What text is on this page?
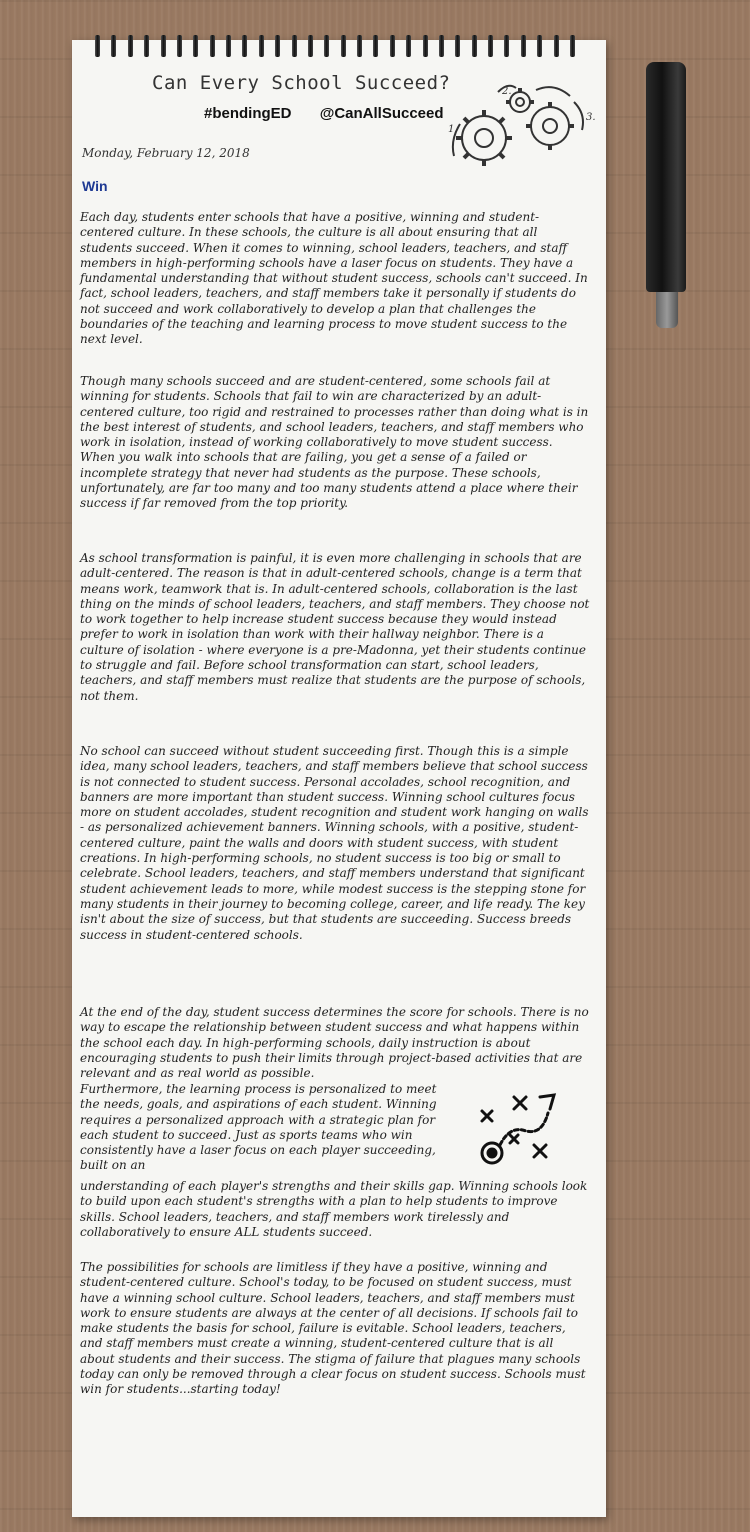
Can Every School Succeed?
#bendingED @CanAllSucceed
1.
2.
3.
Monday, February 12, 2018
Win
Each day, students enter schools that have a positive, winning and student-centered culture. In these schools, the culture is all about ensuring that all students succeed. When it comes to winning, school leaders, teachers, and staff members in high-performing schools have a laser focus on students. They have a fundamental understanding that without student success, schools can't succeed. In fact, school leaders, teachers, and staff members take it personally if students do not succeed and work collaboratively to develop a plan that challenges the boundaries of the teaching and learning process to move student success to the next level.
Though many schools succeed and are student-centered, some schools fail at winning for students. Schools that fail to win are characterized by an adult-centered culture, too rigid and restrained to processes rather than doing what is in the best interest of students, and school leaders, teachers, and staff members who work in isolation, instead of working collaboratively to move student success. When you walk into schools that are failing, you get a sense of a failed or incomplete strategy that never had students as the purpose. These schools, unfortunately, are far too many and too many students attend a place where their success if far removed from the top priority.
As school transformation is painful, it is even more challenging in schools that are adult-centered. The reason is that in adult-centered schools, change is a term that means work, teamwork that is. In adult-centered schools, collaboration is the last thing on the minds of school leaders, teachers, and staff members. They choose not to work together to help increase student success because they would instead prefer to work in isolation than work with their hallway neighbor. There is a culture of isolation - where everyone is a pre-Madonna, yet their students continue to struggle and fail. Before school transformation can start, school leaders, teachers, and staff members must realize that students are the purpose of schools, not them.
No school can succeed without student succeeding first. Though this is a simple idea, many school leaders, teachers, and staff members believe that school success is not connected to student success. Personal accolades, school recognition, and banners are more important than student success. Winning school cultures focus more on student accolades, student recognition and student work hanging on walls - as personalized achievement banners. Winning schools, with a positive, student-centered culture, paint the walls and doors with student success, with student creations. In high-performing schools, no student success is too big or small to celebrate. School leaders, teachers, and staff members understand that significant student achievement leads to more, while modest success is the stepping stone for many students in their journey to becoming college, career, and life ready. The key isn't about the size of success, but that students are succeeding. Success breeds success in student-centered schools.
At the end of the day, student success determines the score for schools. There is no way to escape the relationship between student success and what happens within the school each day. In high-performing schools, daily instruction is about encouraging students to push their limits through project-based activities that are relevant and as real world as possible.
Furthermore, the learning process is personalized to meet the needs, goals, and aspirations of each student. Winning requires a personalized approach with a strategic plan for each student to succeed. Just as sports teams who win consistently have a laser focus on each player succeeding, built on an
understanding of each player's strengths and their skills gap. Winning schools look to build upon each student's strengths with a plan to help students to improve skills. School leaders, teachers, and staff members work tirelessly and collaboratively to ensure ALL students succeed.
The possibilities for schools are limitless if they have a positive, winning and student-centered culture. School's today, to be focused on student success, must have a winning school culture. School leaders, teachers, and staff members must work to ensure students are always at the center of all decisions. If schools fail to make students the basis for school, failure is evitable. School leaders, teachers, and staff members must create a winning, student-centered culture that is all about students and their success. The stigma of failure that plagues many schools today can only be removed through a clear focus on student success. Schools must win for students...starting today!
